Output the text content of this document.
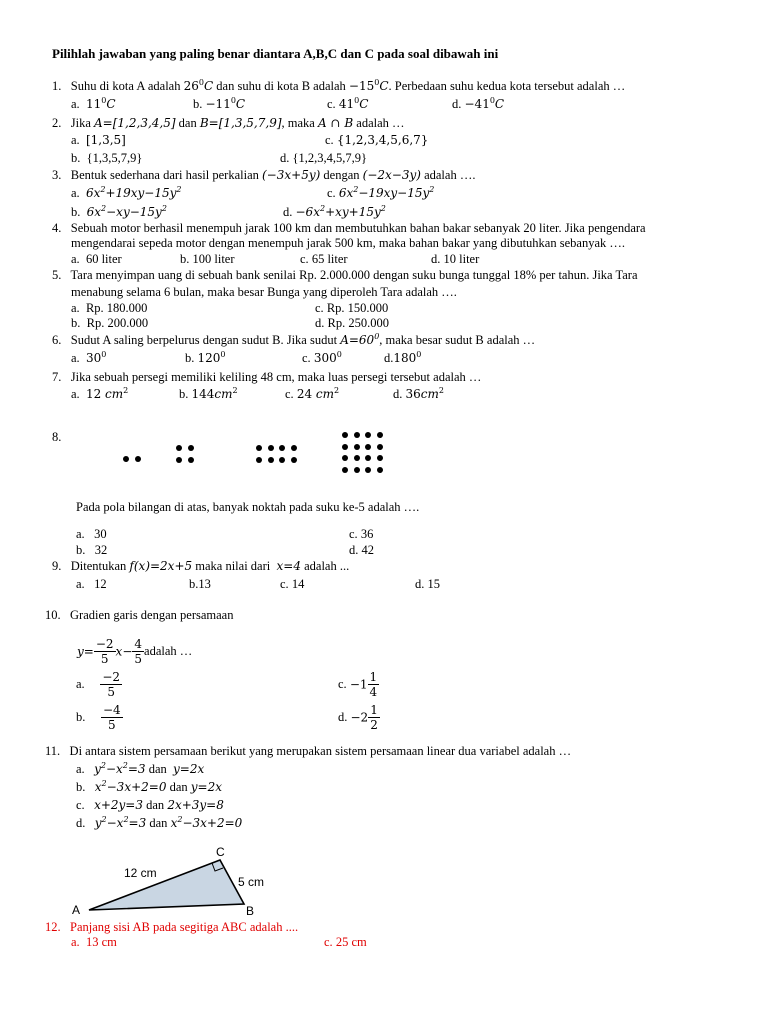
Pilihlah jawaban yang paling benar diantara A,B,C dan C pada soal dibawah ini
1. Suhu di kota A adalah $26^0C$ dan suhu di kota B adalah $-15^0C$. Perbedaan suhu kedua kota tersebut adalah …
a. $11^0C$	b. $-11^0C$	c. $41^0C$	d. $-41^0C$
2. Jika A=[1,2,3,4,5] dan B=[1,3,5,7,9], maka A ∩ B adalah …
a. [1,3,5]	c. {1,2,3,4,5,6,7}
b. {1,3,5,7,9}	d. {1,2,3,4,5,7,9}
3. Bentuk sederhana dari hasil perkalian (−3x+5y) dengan (−2x−3y) adalah ….
a. $6x^2+19xy-15y^2$	c. $6x^2-19xy-15y^2$
b. $6x^2-xy-15y^2$	d. $-6x^2+xy+15y^2$
4. Sebuah motor berhasil menempuh jarak 100 km dan membutuhkan bahan bakar sebanyak 20 liter. Jika pengendara
mengendarai sepeda motor dengan menempuh jarak 500 km, maka bahan bakar yang dibutuhkan sebanyak ….
a. 60 liter	b. 100 liter	c. 65 liter	d. 10 liter
5. Tara menyimpan uang di sebuah bank senilai Rp. 2.000.000 dengan suku bunga tunggal 18% per tahun. Jika Tara
menabung selama 6 bulan, maka besar Bunga yang diperoleh Tara adalah ….
a. Rp. 180.000	c. Rp. 150.000
b. Rp. 200.000	d. Rp. 250.000
6. Sudut A saling berpelurus dengan sudut B. Jika sudut $A=60^0$, maka besar sudut B adalah …
a. $30^0$	b. $120^0$	c. $300^0$	d.180$^0$
7. Jika sebuah persegi memiliki keliling 48 cm, maka luas persegi tersebut adalah …
a. 12 $cm^2$	b. $144cm^2$	c. 24 $cm^2$	d. $36cm^2$
8.
Pada pola bilangan di atas, banyak noktah pada suku ke-5 adalah ….
a. 30	c. 36
b. 32	d. 42
9. Ditentukan f(x)=2x+5 maka nilai dari x=4 adalah ...
a. 12	b.13	c. 14	d. 15
10. Gradien garis dengan persamaan
$y= \frac{-2}{5} x- \frac{4}{5}$ adalah …
a. $\frac{-2}{5}$	c. $-1 \frac{1}{4}$
b. $\frac{-4}{5}$	d. $-2 \frac{1}{2}$
11. Di antara sistem persamaan berikut yang merupakan sistem persamaan linear dua variabel adalah …
a. $y^2-x^2=3$ dan y=2x
b. $x^2-3x+2=0$ dan y=2x
c. x+2y=3 dan 2x+3y=8
d. $y^2-x^2=3$ dan $x^2-3x+2=0$
A	B
C
12 cm
5 cm
12. Panjang sisi AB pada segitiga ABC adalah ....
a. 13 cm	c. 25 cm
